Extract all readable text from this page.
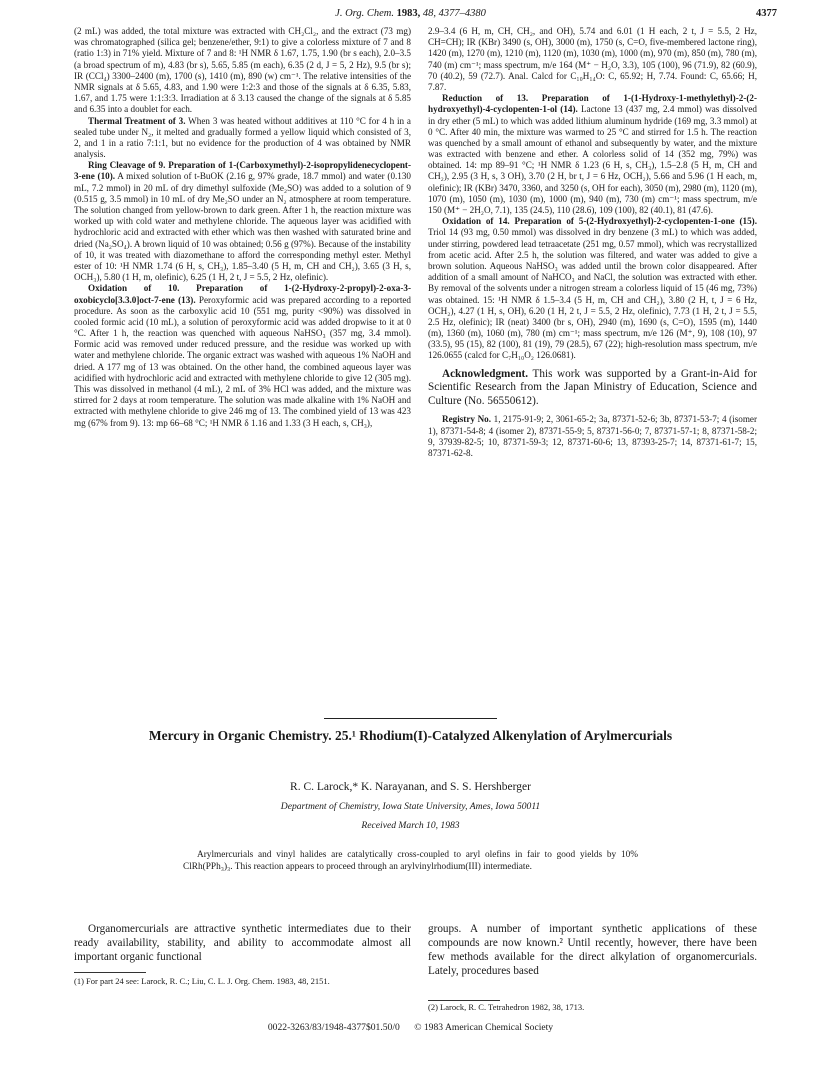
J. Org. Chem. 1983, 48, 4377–4380	4377

(2 mL) was added, the total mixture was extracted with CH₂Cl₂, and the extract (73 mg) was chromatographed (silica gel; benzene/ether, 9:1) to give a colorless mixture of 7 and 8 (ratio 1:3) in 71% yield. Mixture of 7 and 8: ¹H NMR δ 1.67, 1.75, 1.90 (br s each), 2.0–3.5 (a broad spectrum of m), 4.83 (br s), 5.65, 5.85 (m each), 6.35 (2 d, J = 5, 2 Hz), 9.5 (br s); IR (CCl₄) 3300–2400 (m), 1700 (s), 1410 (m), 890 (w) cm⁻¹. The relative intensities of the NMR signals at δ 5.65, 4.83, and 1.90 were 1:2:3 and those of the signals at δ 6.35, 5.83, 1.67, and 1.75 were 1:1:3:3. Irradiation at δ 3.13 caused the change of the signals at δ 5.85 and 6.35 into a doublet for each.

Thermal Treatment of 3. When 3 was heated without additives at 110 °C for 4 h in a sealed tube under N₂, it melted and gradually formed a yellow liquid which consisted of 3, 2, and 1 in a ratio 7:1:1, but no evidence for the production of 4 was obtained by NMR analysis.

Ring Cleavage of 9. Preparation of 1-(Carboxymethyl)-2-isopropylidenecyclopent-3-ene (10). A mixed solution of t-BuOK (2.16 g, 97% grade, 18.7 mmol) and water (0.130 mL, 7.2 mmol) in 20 mL of dry dimethyl sulfoxide (Me₂SO) was added to a solution of 9 (0.515 g, 3.5 mmol) in 10 mL of dry Me₂SO under an N₂ atmosphere at room temperature. The solution changed from yellow-brown to dark green. After 1 h, the reaction mixture was worked up with cold water and methylene chloride. The aqueous layer was acidified with hydrochloric acid and extracted with ether which was then washed with saturated brine and dried (Na₂SO₄). A brown liquid of 10 was obtained; 0.56 g (97%). Because of the instability of 10, it was treated with diazomethane to afford the corresponding methyl ester. Methyl ester of 10: ¹H NMR 1.74 (6 H, s, CH₃), 1.85–3.40 (5 H, m, CH and CH₂), 3.65 (3 H, s, OCH₃), 5.80 (1 H, m, olefinic), 6.25 (1 H, 2 t, J = 5.5, 2 Hz, olefinic).

Oxidation of 10. Preparation of 1-(2-Hydroxy-2-propyl)-2-oxa-3-oxobicyclo[3.3.0]oct-7-ene (13). Peroxyformic acid was prepared according to a reported procedure. As soon as the carboxylic acid 10 (551 mg, purity <90%) was dissolved in cooled formic acid (10 mL), a solution of peroxyformic acid was added dropwise to it at 0 °C. After 1 h, the reaction was quenched with aqueous NaHSO₃ (357 mg, 3.4 mmol). Formic acid was removed under reduced pressure, and the residue was worked up with water and methylene chloride. The organic extract was washed with aqueous 1% NaOH and dried. A 177 mg of 13 was obtained. On the other hand, the combined aqueous layer was acidified with hydrochloric acid and extracted with methylene chloride to give 12 (305 mg). This was dissolved in methanol (4 mL), 2 mL of 3% HCl was added, and the mixture was stirred for 2 days at room temperature. The solution was made alkaline with 1% NaOH and extracted with methylene chloride to give 246 mg of 13. The combined yield of 13 was 423 mg (67% from 9). 13: mp 66–68 °C; ¹H NMR δ 1.16 and 1.33 (3 H each, s, CH₃),

2.9–3.4 (6 H, m, CH, CH₂, and OH), 5.74 and 6.01 (1 H each, 2 t, J = 5.5, 2 Hz, CH=CH); IR (KBr) 3490 (s, OH), 3000 (m), 1750 (s, C=O, five-membered lactone ring), 1420 (m), 1270 (m), 1210 (m), 1120 (m), 1030 (m), 1000 (m), 970 (m), 850 (m), 780 (m), 740 (m) cm⁻¹; mass spectrum, m/e 164 (M⁺ − H₂O, 3.3), 105 (100), 96 (71.9), 82 (60.9), 70 (40.2), 59 (72.7). Anal. Calcd for C₁₀H₁₄O: C, 65.92; H, 7.74. Found: C, 65.66; H, 7.87.

Reduction of 13. Preparation of 1-(1-Hydroxy-1-methylethyl)-2-(2-hydroxyethyl)-4-cyclopenten-1-ol (14). Lactone 13 (437 mg, 2.4 mmol) was dissolved in dry ether (5 mL) to which was added lithium aluminum hydride (169 mg, 3.3 mmol) at 0 °C. After 40 min, the mixture was warmed to 25 °C and stirred for 1.5 h. The reaction was quenched by a small amount of ethanol and subsequently by water, and the mixture was extracted with benzene and ether. A colorless solid of 14 (352 mg, 79%) was obtained. 14: mp 89–91 °C; ¹H NMR δ 1.23 (6 H, s, CH₃), 1.5–2.8 (5 H, m, CH and CH₂), 2.95 (3 H, s, 3 OH), 3.70 (2 H, br t, J = 6 Hz, OCH₂), 5.66 and 5.96 (1 H each, m, olefinic); IR (KBr) 3470, 3360, and 3250 (s, OH for each), 3050 (m), 2980 (m), 1120 (m), 1070 (m), 1050 (m), 1030 (m), 1000 (m), 940 (m), 730 (m) cm⁻¹; mass spectrum, m/e 150 (M⁺ − 2H₂O, 7.1), 135 (24.5), 110 (28.6), 109 (100), 82 (40.1), 81 (47.6).

Oxidation of 14. Preparation of 5-(2-Hydroxyethyl)-2-cyclopenten-1-one (15). Triol 14 (93 mg, 0.50 mmol) was dissolved in dry benzene (3 mL) to which was added, under stirring, powdered lead tetraacetate (251 mg, 0.57 mmol), which was recrystallized from acetic acid. After 2.5 h, the solution was filtered, and water was added to give a brown solution. Aqueous NaHSO₃ was added until the brown color disappeared. After addition of a small amount of NaHCO₃ and NaCl, the solution was extracted with ether. By removal of the solvents under a nitrogen stream a colorless liquid of 15 (46 mg, 73%) was obtained. 15: ¹H NMR δ 1.5–3.4 (5 H, m, CH and CH₂), 3.80 (2 H, t, J = 6 Hz, OCH₂), 4.27 (1 H, s, OH), 6.20 (1 H, 2 t, J = 5.5, 2 Hz, olefinic), 7.73 (1 H, 2 t, J = 5.5, 2.5 Hz, olefinic); IR (neat) 3400 (br s, OH), 2940 (m), 1690 (s, C=O), 1595 (m), 1440 (m), 1360 (m), 1060 (m), 780 (m) cm⁻¹; mass spectrum, m/e 126 (M⁺, 9), 108 (10), 97 (33.5), 95 (15), 82 (100), 81 (19), 79 (28.5), 67 (22); high-resolution mass spectrum, m/e 126.0655 (calcd for C₇H₁₀O₂ 126.0681).

Acknowledgment. This work was supported by a Grant-in-Aid for Scientific Research from the Japan Ministry of Education, Science and Culture (No. 56550612).

Registry No. 1, 2175-91-9; 2, 3061-65-2; 3a, 87371-52-6; 3b, 87371-53-7; 4 (isomer 1), 87371-54-8; 4 (isomer 2), 87371-55-9; 5, 87371-56-0; 7, 87371-57-1; 8, 87371-58-2; 9, 37939-82-5; 10, 87371-59-3; 12, 87371-60-6; 13, 87393-25-7; 14, 87371-61-7; 15, 87371-62-8.

Mercury in Organic Chemistry. 25.¹ Rhodium(I)-Catalyzed Alkenylation of Arylmercurials
R. C. Larock,* K. Narayanan, and S. S. Hershberger
Department of Chemistry, Iowa State University, Ames, Iowa 50011
Received March 10, 1983
Arylmercurials and vinyl halides are catalytically cross-coupled to aryl olefins in fair to good yields by 10% ClRh(PPh₃)₃. This reaction appears to proceed through an arylvinylrhodium(III) intermediate.
Organomercurials are attractive synthetic intermediates due to their ready availability, stability, and ability to accommodate almost all important organic functional
groups. A number of important synthetic applications of these compounds are now known.² Until recently, however, there have been few methods available for the direct alkylation of organomercurials. Lately, procedures based
(1) For part 24 see: Larock, R. C.; Liu, C. L. J. Org. Chem. 1983, 48, 2151.
(2) Larock, R. C. Tetrahedron 1982, 38, 1713.
0022-3263/83/1948-4377$01.50/0 © 1983 American Chemical Society
